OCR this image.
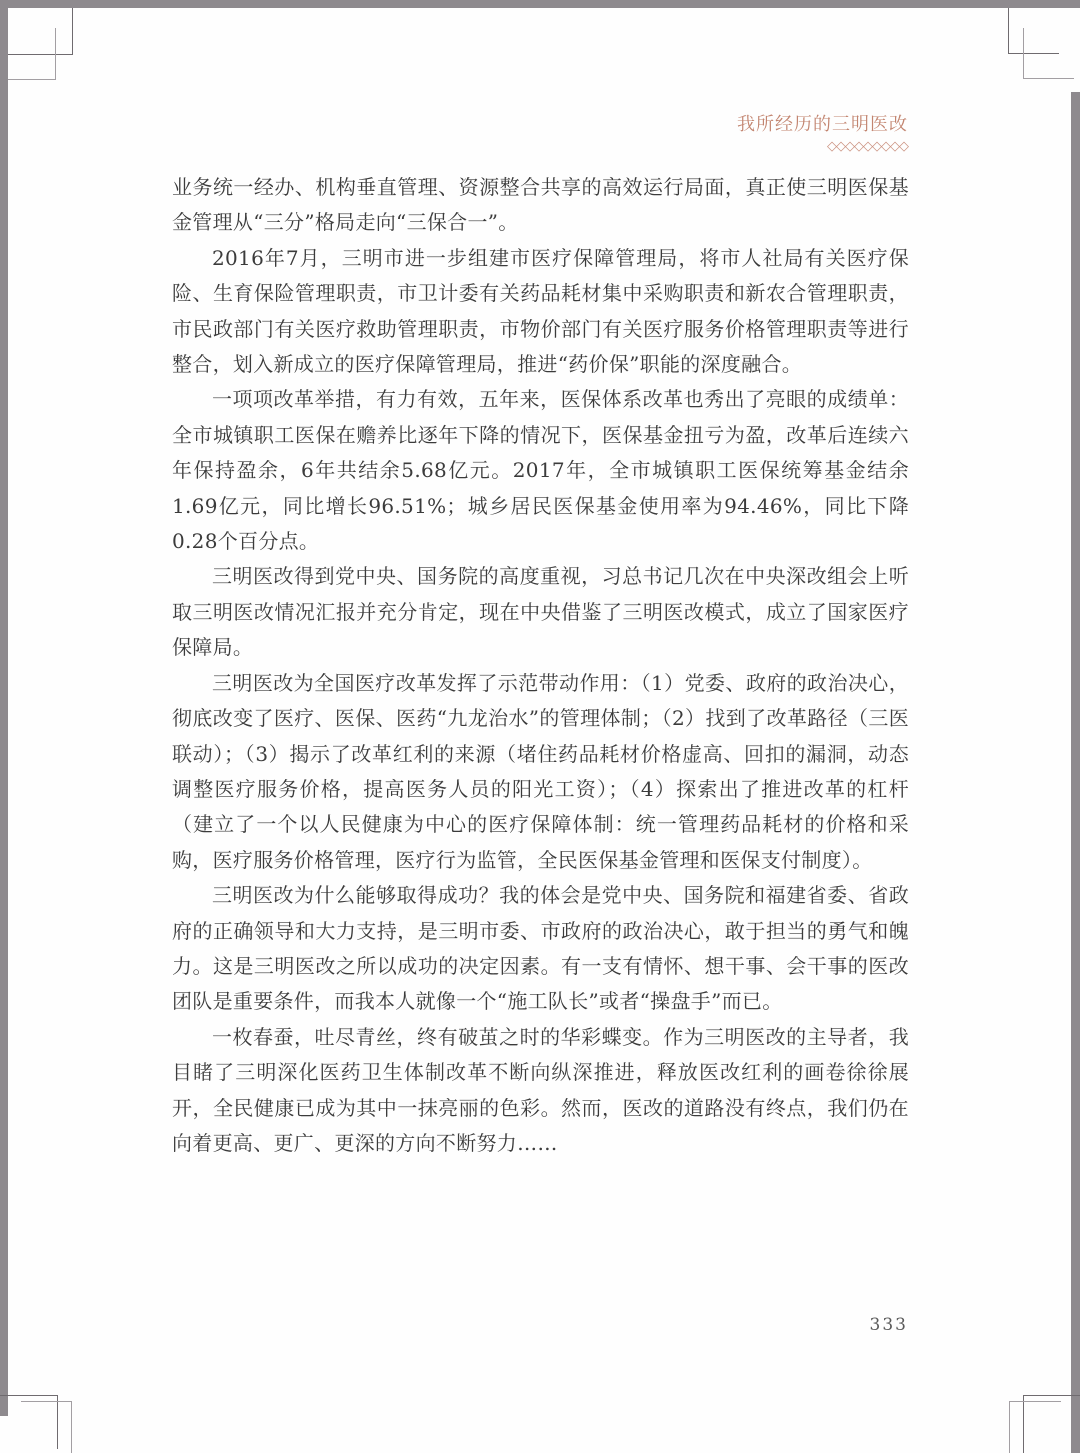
我所经历的三明医改
◇◇◇◇◇◇◇◇◇

业务统一经办、机构垂直管理、资源整合共享的高效运行局面，真正使三明医保基金管理从“三分”格局走向“三保合一”。

2016年7月，三明市进一步组建市医疗保障管理局，将市人社局有关医疗保险、生育保险管理职责，市卫计委有关药品耗材集中采购职责和新农合管理职责，市民政部门有关医疗救助管理职责，市物价部门有关医疗服务价格管理职责等进行整合，划入新成立的医疗保障管理局，推进“药价保”职能的深度融合。

一项项改革举措，有力有效，五年来，医保体系改革也秀出了亮眼的成绩单：全市城镇职工医保在赡养比逐年下降的情况下，医保基金扭亏为盈，改革后连续六年保持盈余，6年共结余5.68亿元。2017年，全市城镇职工医保统筹基金结余1.69亿元，同比增长96.51%；城乡居民医保基金使用率为94.46%，同比下降0.28个百分点。

三明医改得到党中央、国务院的高度重视，习总书记几次在中央深改组会上听取三明医改情况汇报并充分肯定，现在中央借鉴了三明医改模式，成立了国家医疗保障局。

三明医改为全国医疗改革发挥了示范带动作用：（1）党委、政府的政治决心，彻底改变了医疗、医保、医药“九龙治水”的管理体制；（2）找到了改革路径（三医联动）；（3）揭示了改革红利的来源（堵住药品耗材价格虚高、回扣的漏洞，动态调整医疗服务价格，提高医务人员的阳光工资）；（4）探索出了推进改革的杠杆（建立了一个以人民健康为中心的医疗保障体制：统一管理药品耗材的价格和采购，医疗服务价格管理，医疗行为监管，全民医保基金管理和医保支付制度）。

三明医改为什么能够取得成功？我的体会是党中央、国务院和福建省委、省政府的正确领导和大力支持，是三明市委、市政府的政治决心，敢于担当的勇气和魄力。这是三明医改之所以成功的决定因素。有一支有情怀、想干事、会干事的医改团队是重要条件，而我本人就像一个“施工队长”或者“操盘手”而已。

一枚春蚕，吐尽青丝，终有破茧之时的华彩蝶变。作为三明医改的主导者，我目睹了三明深化医药卫生体制改革不断向纵深推进，释放医改红利的画卷徐徐展开，全民健康已成为其中一抹亮丽的色彩。然而，医改的道路没有终点，我们仍在向着更高、更广、更深的方向不断努力……

333
